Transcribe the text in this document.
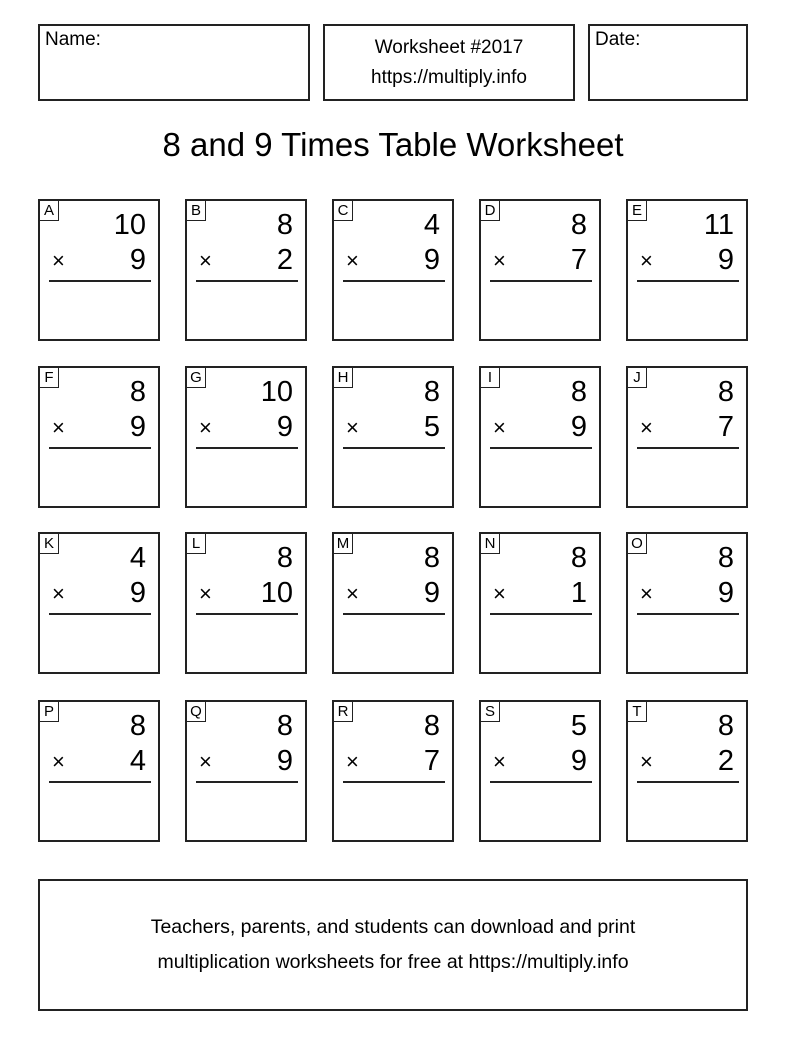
Name:	Worksheet #2017
https://multiply.info
Date:
8 and 9 Times Table Worksheet
A 10
× 9
B	8
× 2
C	4
× 9
D	8
× 7
E 11
× 9
F	8
× 9
G 10
× 9
H	8
× 5
I	8
× 9
J	8
× 7
K	4
× 9
L	8
× 10
M	8
× 9
N	8
× 1
O	8
× 9
P	8
× 4
Q	8
× 9
R	8
× 7
S	5
× 9
T	8
× 2
Teachers, parents, and students can download and print
multiplication worksheets for free at https://multiply.info
